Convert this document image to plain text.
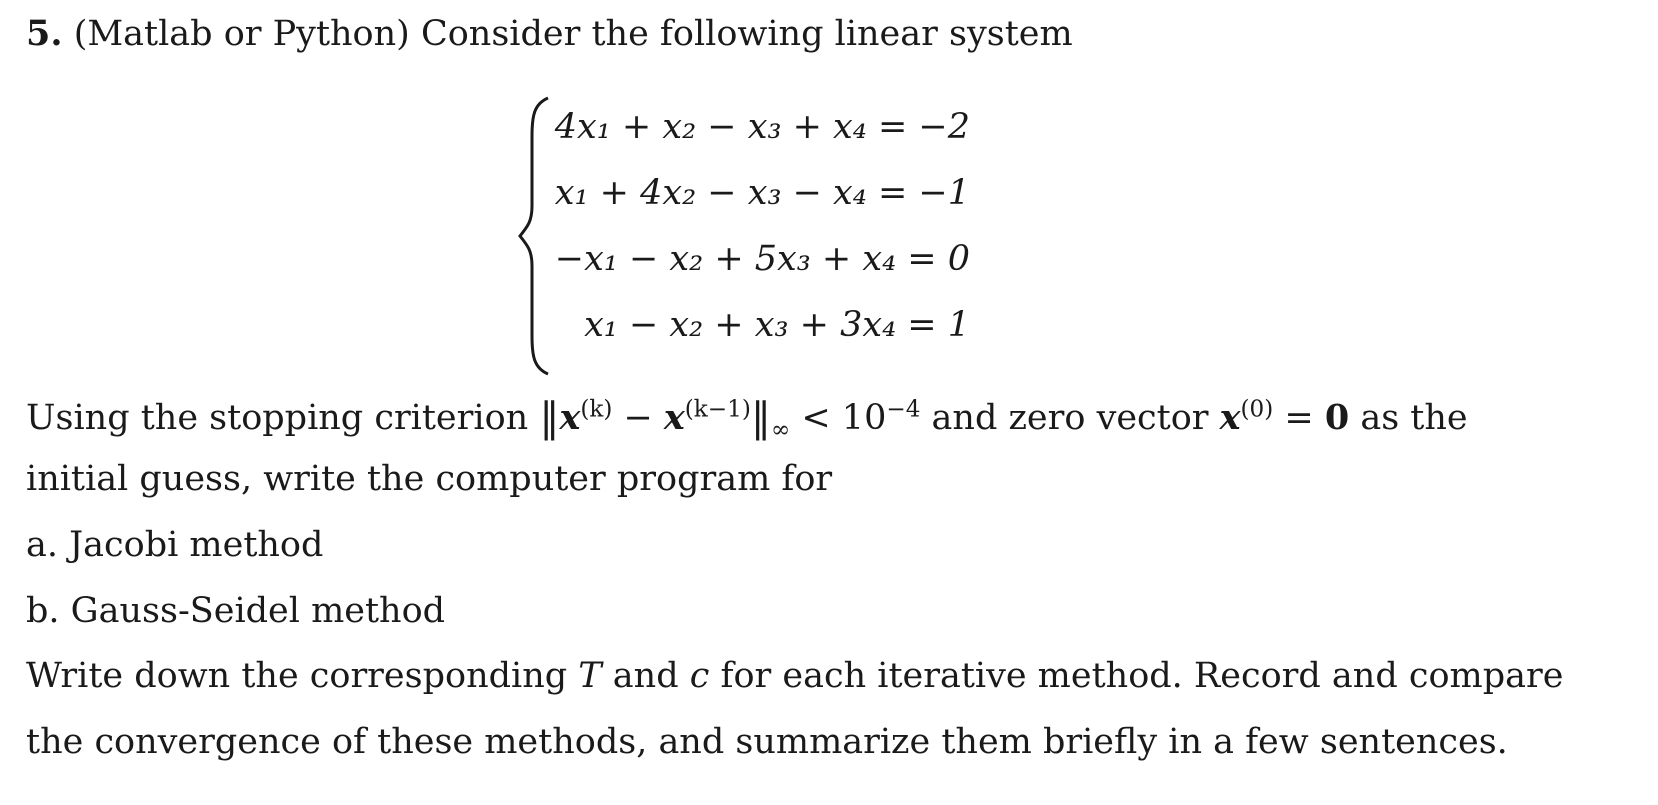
5. (Matlab or Python) Consider the following linear system
4x₁ + x₂ − x₃ + x₄ = −2
x₁ + 4x₂ − x₃ − x₄ = −1
−x₁ − x₂ + 5x₃ + x₄ = 0
x₁ − x₂ + x₃ + 3x₄ = 1
Using the stopping criterion $‖x^{(k)}$ − $x^{(k-1)}‖_\infty < 10^{-4}$ and zero vector $x^{(0)} = 0$ as the
initial guess, write the computer program for
a. Jacobi method
b. Gauss-Seidel method
Write down the corresponding T and c for each iterative method. Record and compare
the convergence of these methods, and summarize them briefly in a few sentences.
